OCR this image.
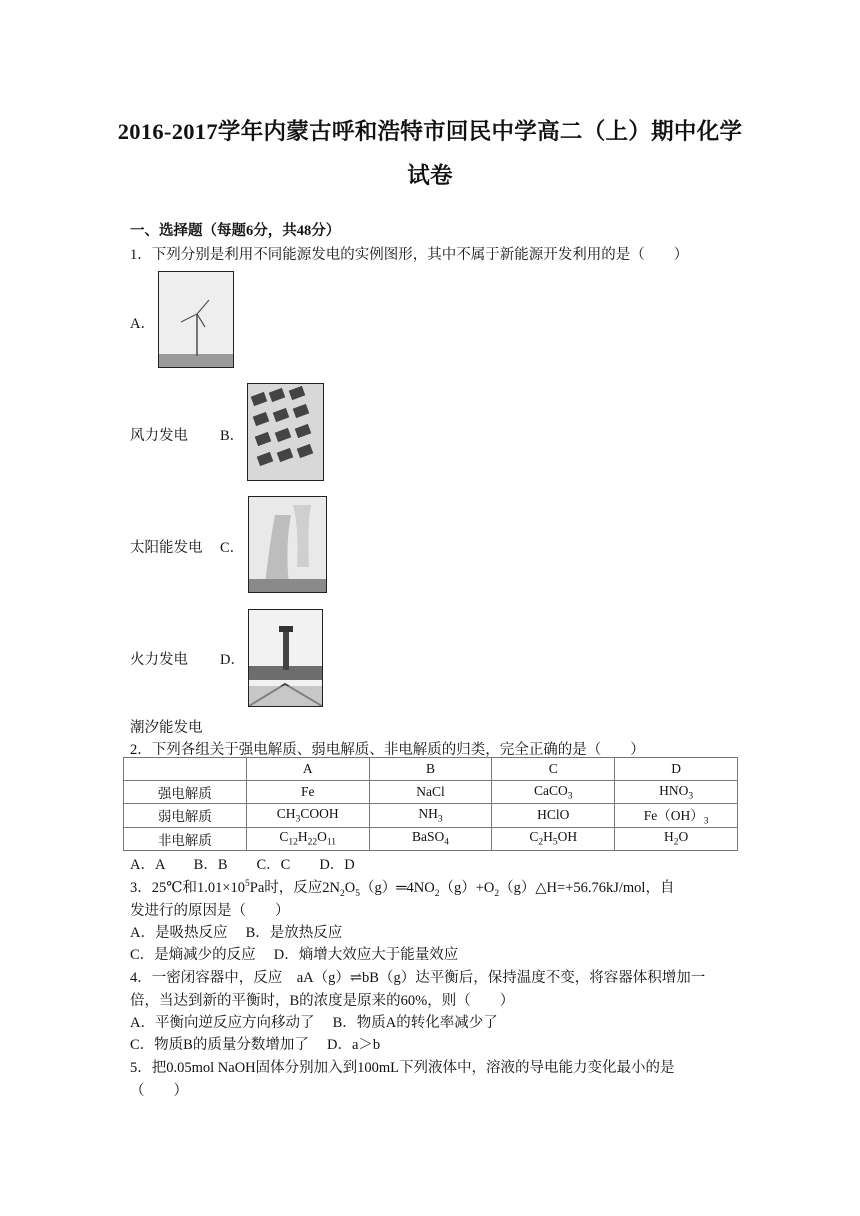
2016-2017学年内蒙古呼和浩特市回民中学高二（上）期中化学
试卷
一、选择题（每题6分，共48分）
1．下列分别是利用不同能源发电的实例图形，其中不属于新能源开发利用的是（　　）
A．
风力发电 B．
太阳能发电 C．
火力发电 D．
潮汐能发电
2．下列各组关于强电解质、弱电解质、非电解质的归类，完全正确的是（　　）
	A	B	C	D
强电解质	Fe	NaCl	CaCO$_3$	$HNO_3$
弱电解质	$CH_3COOH$	$NH_3$	HClO	$Fe(OH)_3$
非电解质	$C_{12}H_{22}O_{11}$	BaSO$_4$	$C_2H_5OH$	$H_2O$
A．A　　B．B　　C．C　　D．D
3．25℃和$1.01\times 10^5Pa$时，反应$2N_2O_5(g)═4NO_2(g)+O_2(g)\triangle H=+56.76kJ$/mol，自
发进行的原因是（　　）
A．是吸热反应　 B．是放热反应
C．是熵减少的反应　 D．熵增大效应大于能量效应
4．一密闭容器中，反应　aA（g）⇌bB（g）达平衡后，保持温度不变，将容器体积增加一
倍，当达到新的平衡时，B的浓度是原来的60%，则（　　）
A．平衡向逆反应方向移动了　 B．物质A的转化率减少了
C．物质B的质量分数增加了　 D．a＞b
5．把0.05mol NaOH固体分别加入到100mL下列液体中，溶液的导电能力变化最小的是
（　　）
